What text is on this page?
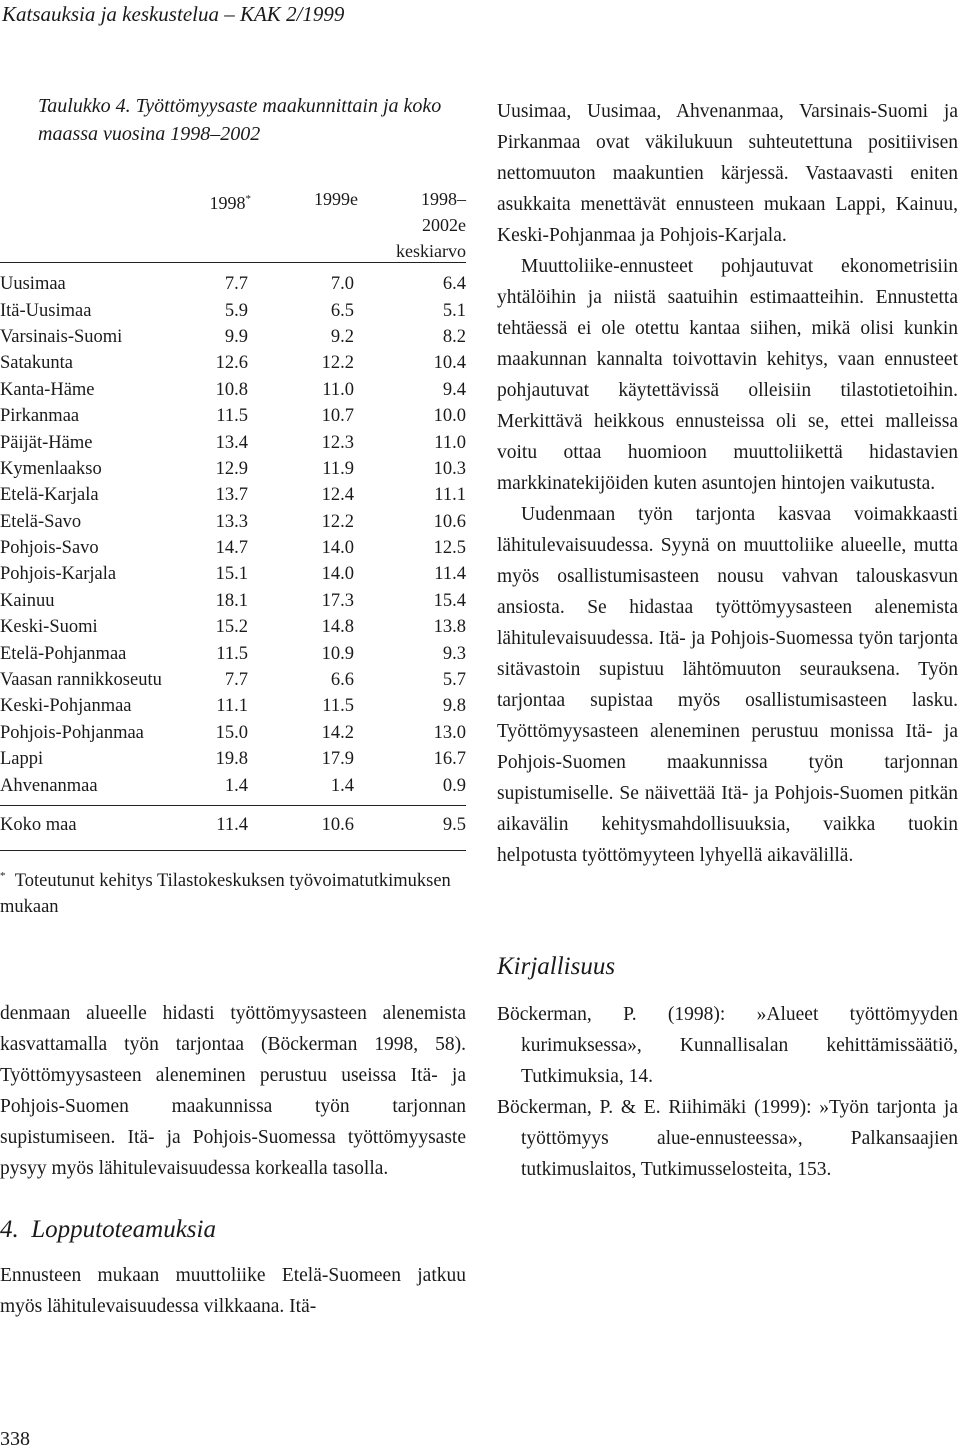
Katsauksia ja keskustelua – KAK 2/1999
Taulukko 4. Työttömyysaste maakunnittain ja koko maassa vuosina 1998–2002
1998*	1999e	1998–
2002e
keskiarvo
Uusimaa	7.7	7.0	6.4
Itä-Uusimaa	5.9	6.5	5.1
Varsinais-Suomi	9.9	9.2	8.2
Satakunta	12.6	12.2	10.4
Kanta-Häme	10.8	11.0	9.4
Pirkanmaa	11.5	10.7	10.0
Päijät-Häme	13.4	12.3	11.0
Kymenlaakso	12.9	11.9	10.3
Etelä-Karjala	13.7	12.4	11.1
Etelä-Savo	13.3	12.2	10.6
Pohjois-Savo	14.7	14.0	12.5
Pohjois-Karjala	15.1	14.0	11.4
Kainuu	18.1	17.3	15.4
Keski-Suomi	15.2	14.8	13.8
Etelä-Pohjanmaa	11.5	10.9	9.3
Vaasan rannikkoseutu	7.7	6.6	5.7
Keski-Pohjanmaa	11.1	11.5	9.8
Pohjois-Pohjanmaa	15.0	14.2	13.0
Lappi	19.8	17.9	16.7
Ahvenanmaa	1.4	1.4	0.9
Koko maa	11.4	10.6	9.5
* Toteutunut kehitys Tilastokeskuksen työvoimatutkimuksen mukaan

denmaan alueelle hidasti työttömyysasteen alenemista kasvattamalla työn tarjontaa (Böckerman 1998, 58). Työttömyysasteen aleneminen perustuu useissa Itä- ja Pohjois-Suomen maakunnissa työn tarjonnan supistumiseen. Itä- ja Pohjois-Suomessa työttömyysaste pysyy myös lähitulevaisuudessa korkealla tasolla.

4. Lopputoteamuksia

Ennusteen mukaan muuttoliike Etelä-Suomeen jatkuu myös lähitulevaisuudessa vilkkaana. Itä-

Uusimaa, Uusimaa, Ahvenanmaa, Varsinais-Suomi ja Pirkanmaa ovat väkilukuun suhteutettuna positiivisen nettomuuton maakuntien kärjessä. Vastaavasti eniten asukkaita menettävät ennusteen mukaan Lappi, Kainuu, Keski-Pohjanmaa ja Pohjois-Karjala.

Muuttoliike-ennusteet pohjautuvat ekonometrisiin yhtälöihin ja niistä saatuihin estimaatteihin. Ennustetta tehtäessä ei ole otettu kantaa siihen, mikä olisi kunkin maakunnan kannalta toivottavin kehitys, vaan ennusteet pohjautuvat käytettävissä olleisiin tilastotietoihin. Merkittävä heikkous ennusteissa oli se, ettei malleissa voitu ottaa huomioon muuttoliikettä hidastavien markkinatekijöiden kuten asuntojen hintojen vaikutusta.

Uudenmaan työn tarjonta kasvaa voimakkaasti lähitulevaisuudessa. Syynä on muuttoliike alueelle, mutta myös osallistumisasteen nousu vahvan talouskasvun ansiosta. Se hidastaa työttömyysasteen alenemista lähitulevaisuudessa. Itä- ja Pohjois-Suomessa työn tarjonta sitävastoin supistuu lähtömuuton seurauksena. Työn tarjontaa supistaa myös osallistumisasteen lasku. Työttömyysasteen aleneminen perustuu monissa Itä- ja Pohjois-Suomen maakunnissa työn tarjonnan supistumiselle. Se näivettää Itä- ja Pohjois-Suomen pitkän aikavälin kehitysmahdollisuuksia, vaikka tuokin helpotusta työttömyyteen lyhyellä aikavälillä.

Kirjallisuus

Böckerman, P. (1998): »Alueet työttömyyden kurimuksessa», Kunnallisalan kehittämissäätiö, Tutkimuksia, 14.

Böckerman, P. & E. Riihimäki (1999): »Työn tarjonta ja työttömyys alue-ennusteessa», Palkansaajien tutkimuslaitos, Tutkimusselosteita, 153.

338
